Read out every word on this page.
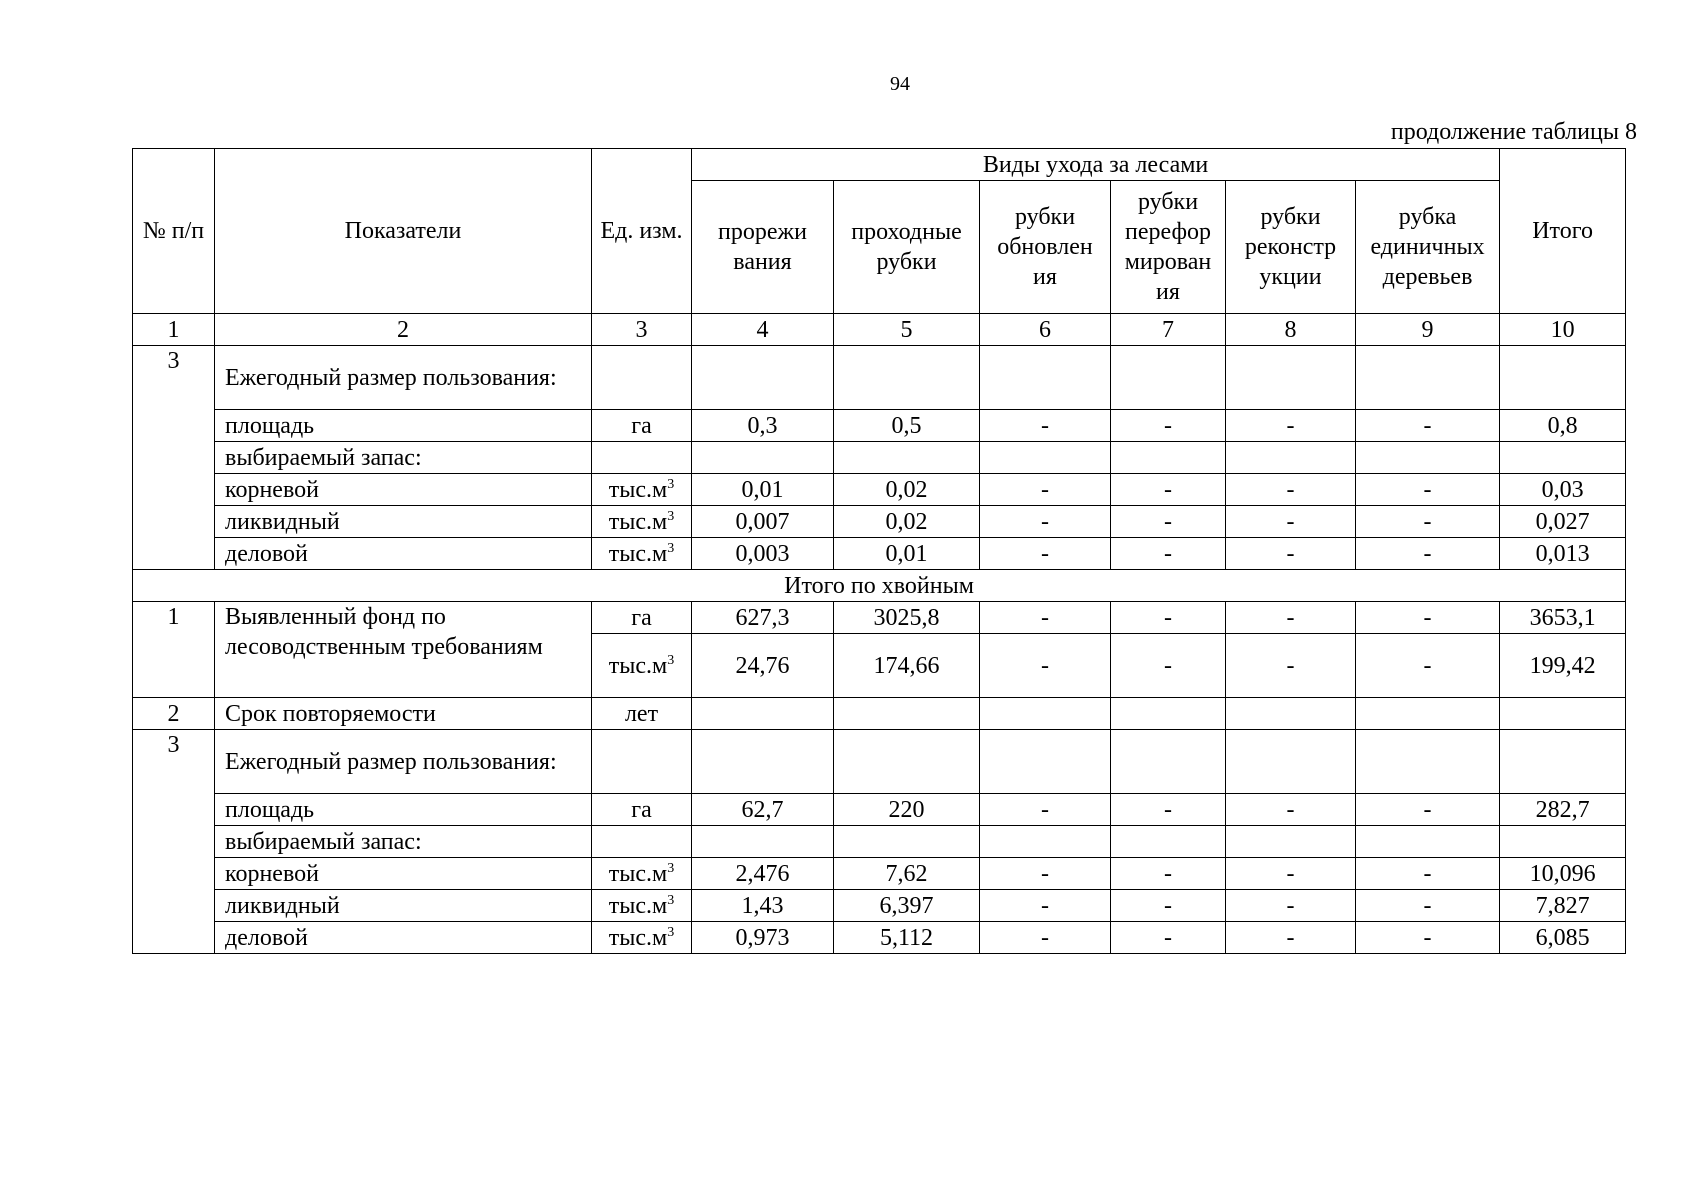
94
продолжение таблицы 8
№ п/п	Показатели	Ед. изм.	Виды ухода за лесами						Итого
			прорежи вания	проходные рубки	рубки обновлен ия	рубки перефор мирован ия	рубки реконстр укции	рубка единичных деревьев	
1	2	3	4	5	6	7	8	9	10
3	Ежегодный размер пользования:								
	площадь	га	0,3	0,5	-	-	-	-	0,8
	выбираемый запас:								
	корневой	$тыс.м^3$	0,01	0,02	-	-	-	-	0,03
	ликвидный	$тыс.м^3$	0,007	0,02	-	-	-	-	0,027
	деловой	$тыс.м^3$	0,003	0,01	-	-	-	-	0,013
Итого по хвойным									
1	Выявленный фонд по лесоводственным требованиям	га	627,3	3025,8	-	-	-	-	3653,1
		$тыс.м^3$	24,76	174,66	-	-	-	-	199,42
2	Срок повторяемости	лет							
3	Ежегодный размер пользования:								
	площадь	га	62,7	220	-	-	-	-	282,7
	выбираемый запас:								
	корневой	$тыс.м^3$	2,476	7,62	-	-	-	-	10,096
	ликвидный	$тыс.м^3$	1,43	6,397	-	-	-	-	7,827
	деловой	$тыс.м^3$	0,973	5,112	-	-	-	-	6,085
